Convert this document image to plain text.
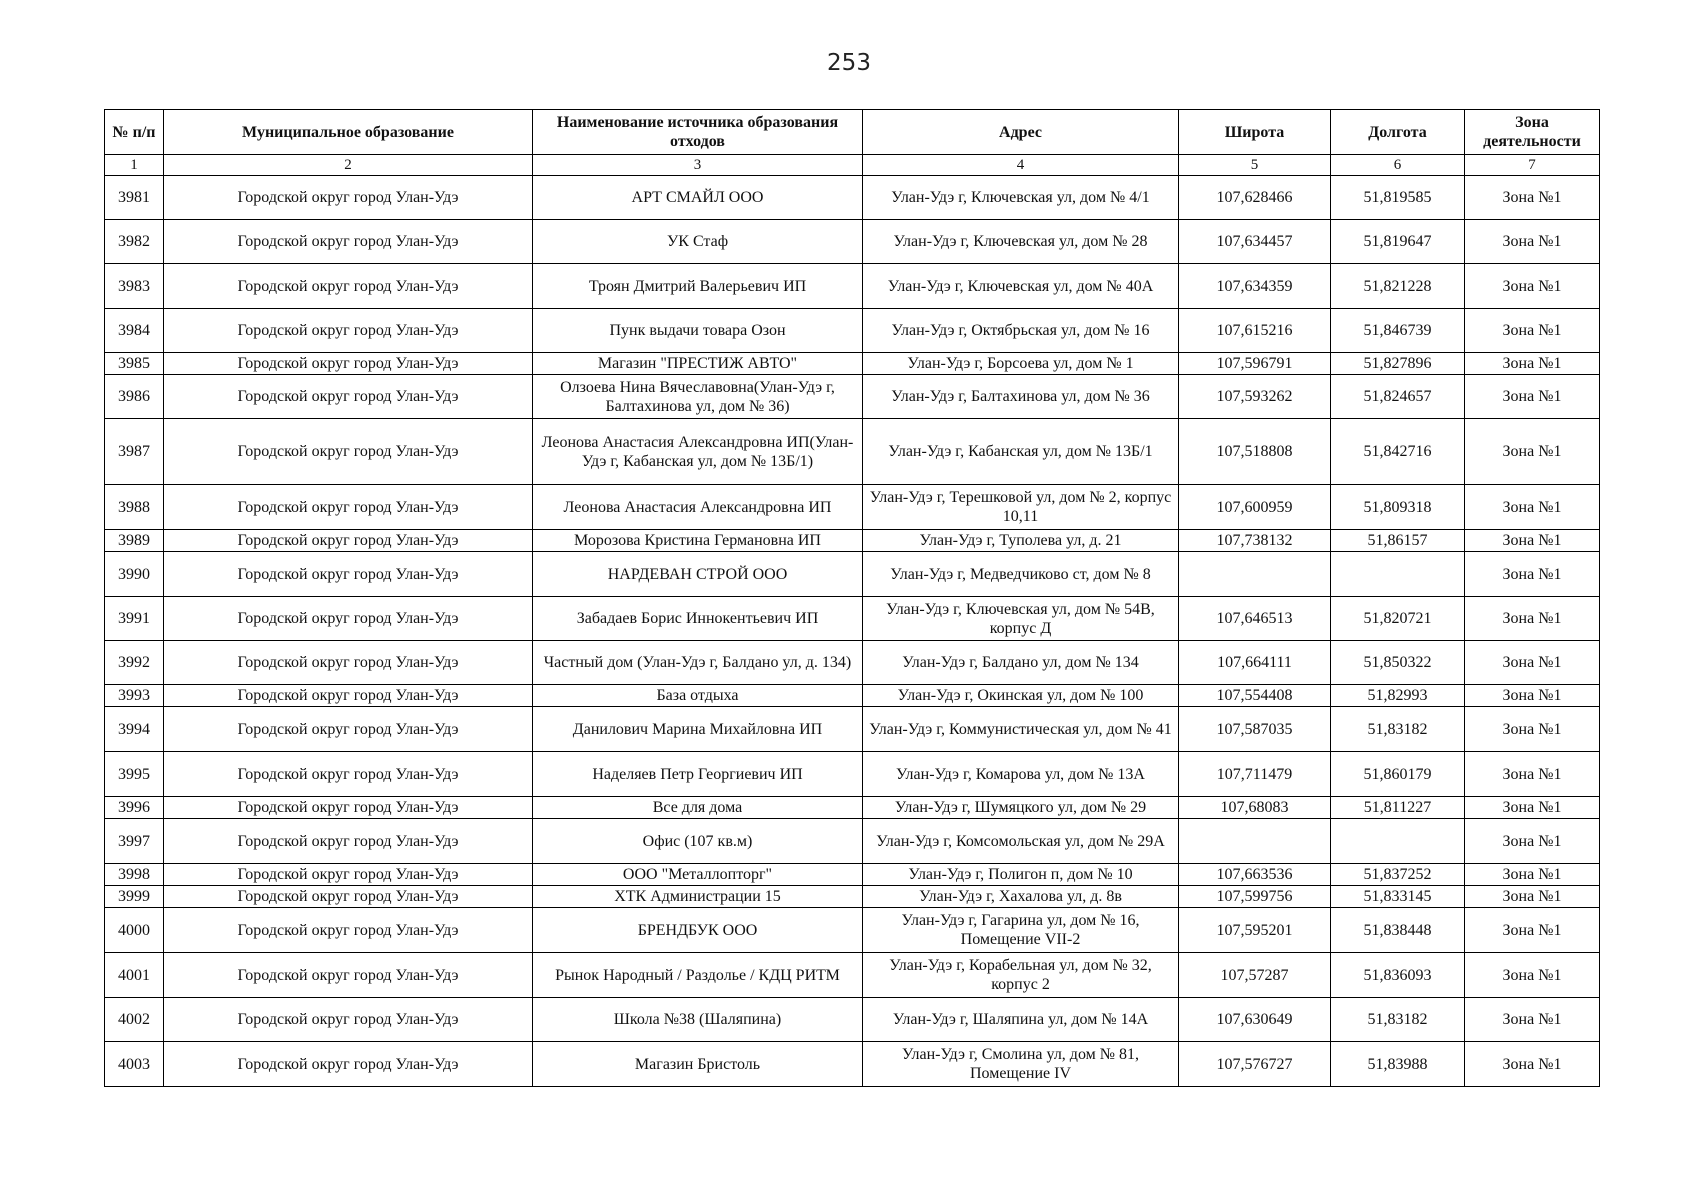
253
№ п/п	Муниципальное образование	Наименование источника образования отходов	Адрес	Широта	Долгота	Зона деятельности
1	2	3	4	5	6	7
3981	Городской округ город Улан-Удэ	АРТ СМАЙЛ ООО	Улан-Удэ г, Ключевская ул, дом № 4/1	107,628466	51,819585	Зона №1
3982	Городской округ город Улан-Удэ	УК Стаф	Улан-Удэ г, Ключевская ул, дом № 28	107,634457	51,819647	Зона №1
3983	Городской округ город Улан-Удэ	Троян Дмитрий Валерьевич ИП	Улан-Удэ г, Ключевская ул, дом № 40А	107,634359	51,821228	Зона №1
3984	Городской округ город Улан-Удэ	Пунк выдачи товара Озон	Улан-Удэ г, Октябрьская ул, дом № 16	107,615216	51,846739	Зона №1
3985	Городской округ город Улан-Удэ	Магазин "ПРЕСТИЖ АВТО"	Улан-Удэ г, Борсоева ул, дом № 1	107,596791	51,827896	Зона №1
3986	Городской округ город Улан-Удэ	Олзоева Нина Вячеславовна(Улан-Удэ г, Балтахинова ул, дом № 36)	Улан-Удэ г, Балтахинова ул, дом № 36	107,593262	51,824657	Зона №1
3987	Городской округ город Улан-Удэ	Леонова Анастасия Александровна ИП(Улан-Удэ г, Кабанская ул, дом № 13Б/1)	Улан-Удэ г, Кабанская ул, дом № 13Б/1	107,518808	51,842716	Зона №1
3988	Городской округ город Улан-Удэ	Леонова Анастасия Александровна ИП	Улан-Удэ г, Терешковой ул, дом № 2, корпус 10,11	107,600959	51,809318	Зона №1
3989	Городской округ город Улан-Удэ	Морозова Кристина Германовна ИП	Улан-Удэ г, Туполева ул, д. 21	107,738132	51,86157	Зона №1
3990	Городской округ город Улан-Удэ	НАРДЕВАН СТРОЙ ООО	Улан-Удэ г, Медведчиково ст, дом № 8			Зона №1
3991	Городской округ город Улан-Удэ	Забадаев Борис Иннокентьевич ИП	Улан-Удэ г, Ключевская ул, дом № 54В, корпус Д	107,646513	51,820721	Зона №1
3992	Городской округ город Улан-Удэ	Частный дом (Улан-Удэ г, Балдано ул, д. 134)	Улан-Удэ г, Балдано ул, дом № 134	107,664111	51,850322	Зона №1
3993	Городской округ город Улан-Удэ	База отдыха	Улан-Удэ г, Окинская ул, дом № 100	107,554408	51,82993	Зона №1
3994	Городской округ город Улан-Удэ	Данилович Марина Михайловна ИП	Улан-Удэ г, Коммунистическая ул, дом № 41	107,587035	51,83182	Зона №1
3995	Городской округ город Улан-Удэ	Наделяев Петр Георгиевич ИП	Улан-Удэ г, Комарова ул, дом № 13А	107,711479	51,860179	Зона №1
3996	Городской округ город Улан-Удэ	Все для дома	Улан-Удэ г, Шумяцкого ул, дом № 29	107,68083	51,811227	Зона №1
3997	Городской округ город Улан-Удэ	Офис (107 кв.м)	Улан-Удэ г, Комсомольская ул, дом № 29А			Зона №1
3998	Городской округ город Улан-Удэ	ООО "Металлопторг"	Улан-Удэ г, Полигон п, дом № 10	107,663536	51,837252	Зона №1
3999	Городской округ город Улан-Удэ	ХТК Администрации 15	Улан-Удэ г, Хахалова ул, д. 8в	107,599756	51,833145	Зона №1
4000	Городской округ город Улан-Удэ	БРЕНДБУК ООО	Улан-Удэ г, Гагарина ул, дом № 16, Помещение VII-2	107,595201	51,838448	Зона №1
4001	Городской округ город Улан-Удэ	Рынок Народный / Раздолье / КДЦ РИТМ	Улан-Удэ г, Корабельная ул, дом № 32, корпус 2	107,57287	51,836093	Зона №1
4002	Городской округ город Улан-Удэ	Школа №38 (Шаляпина)	Улан-Удэ г, Шаляпина ул, дом № 14А	107,630649	51,83182	Зона №1
4003	Городской округ город Улан-Удэ	Магазин Бристоль	Улан-Удэ г, Смолина ул, дом № 81, Помещение IV	107,576727	51,83988	Зона №1
